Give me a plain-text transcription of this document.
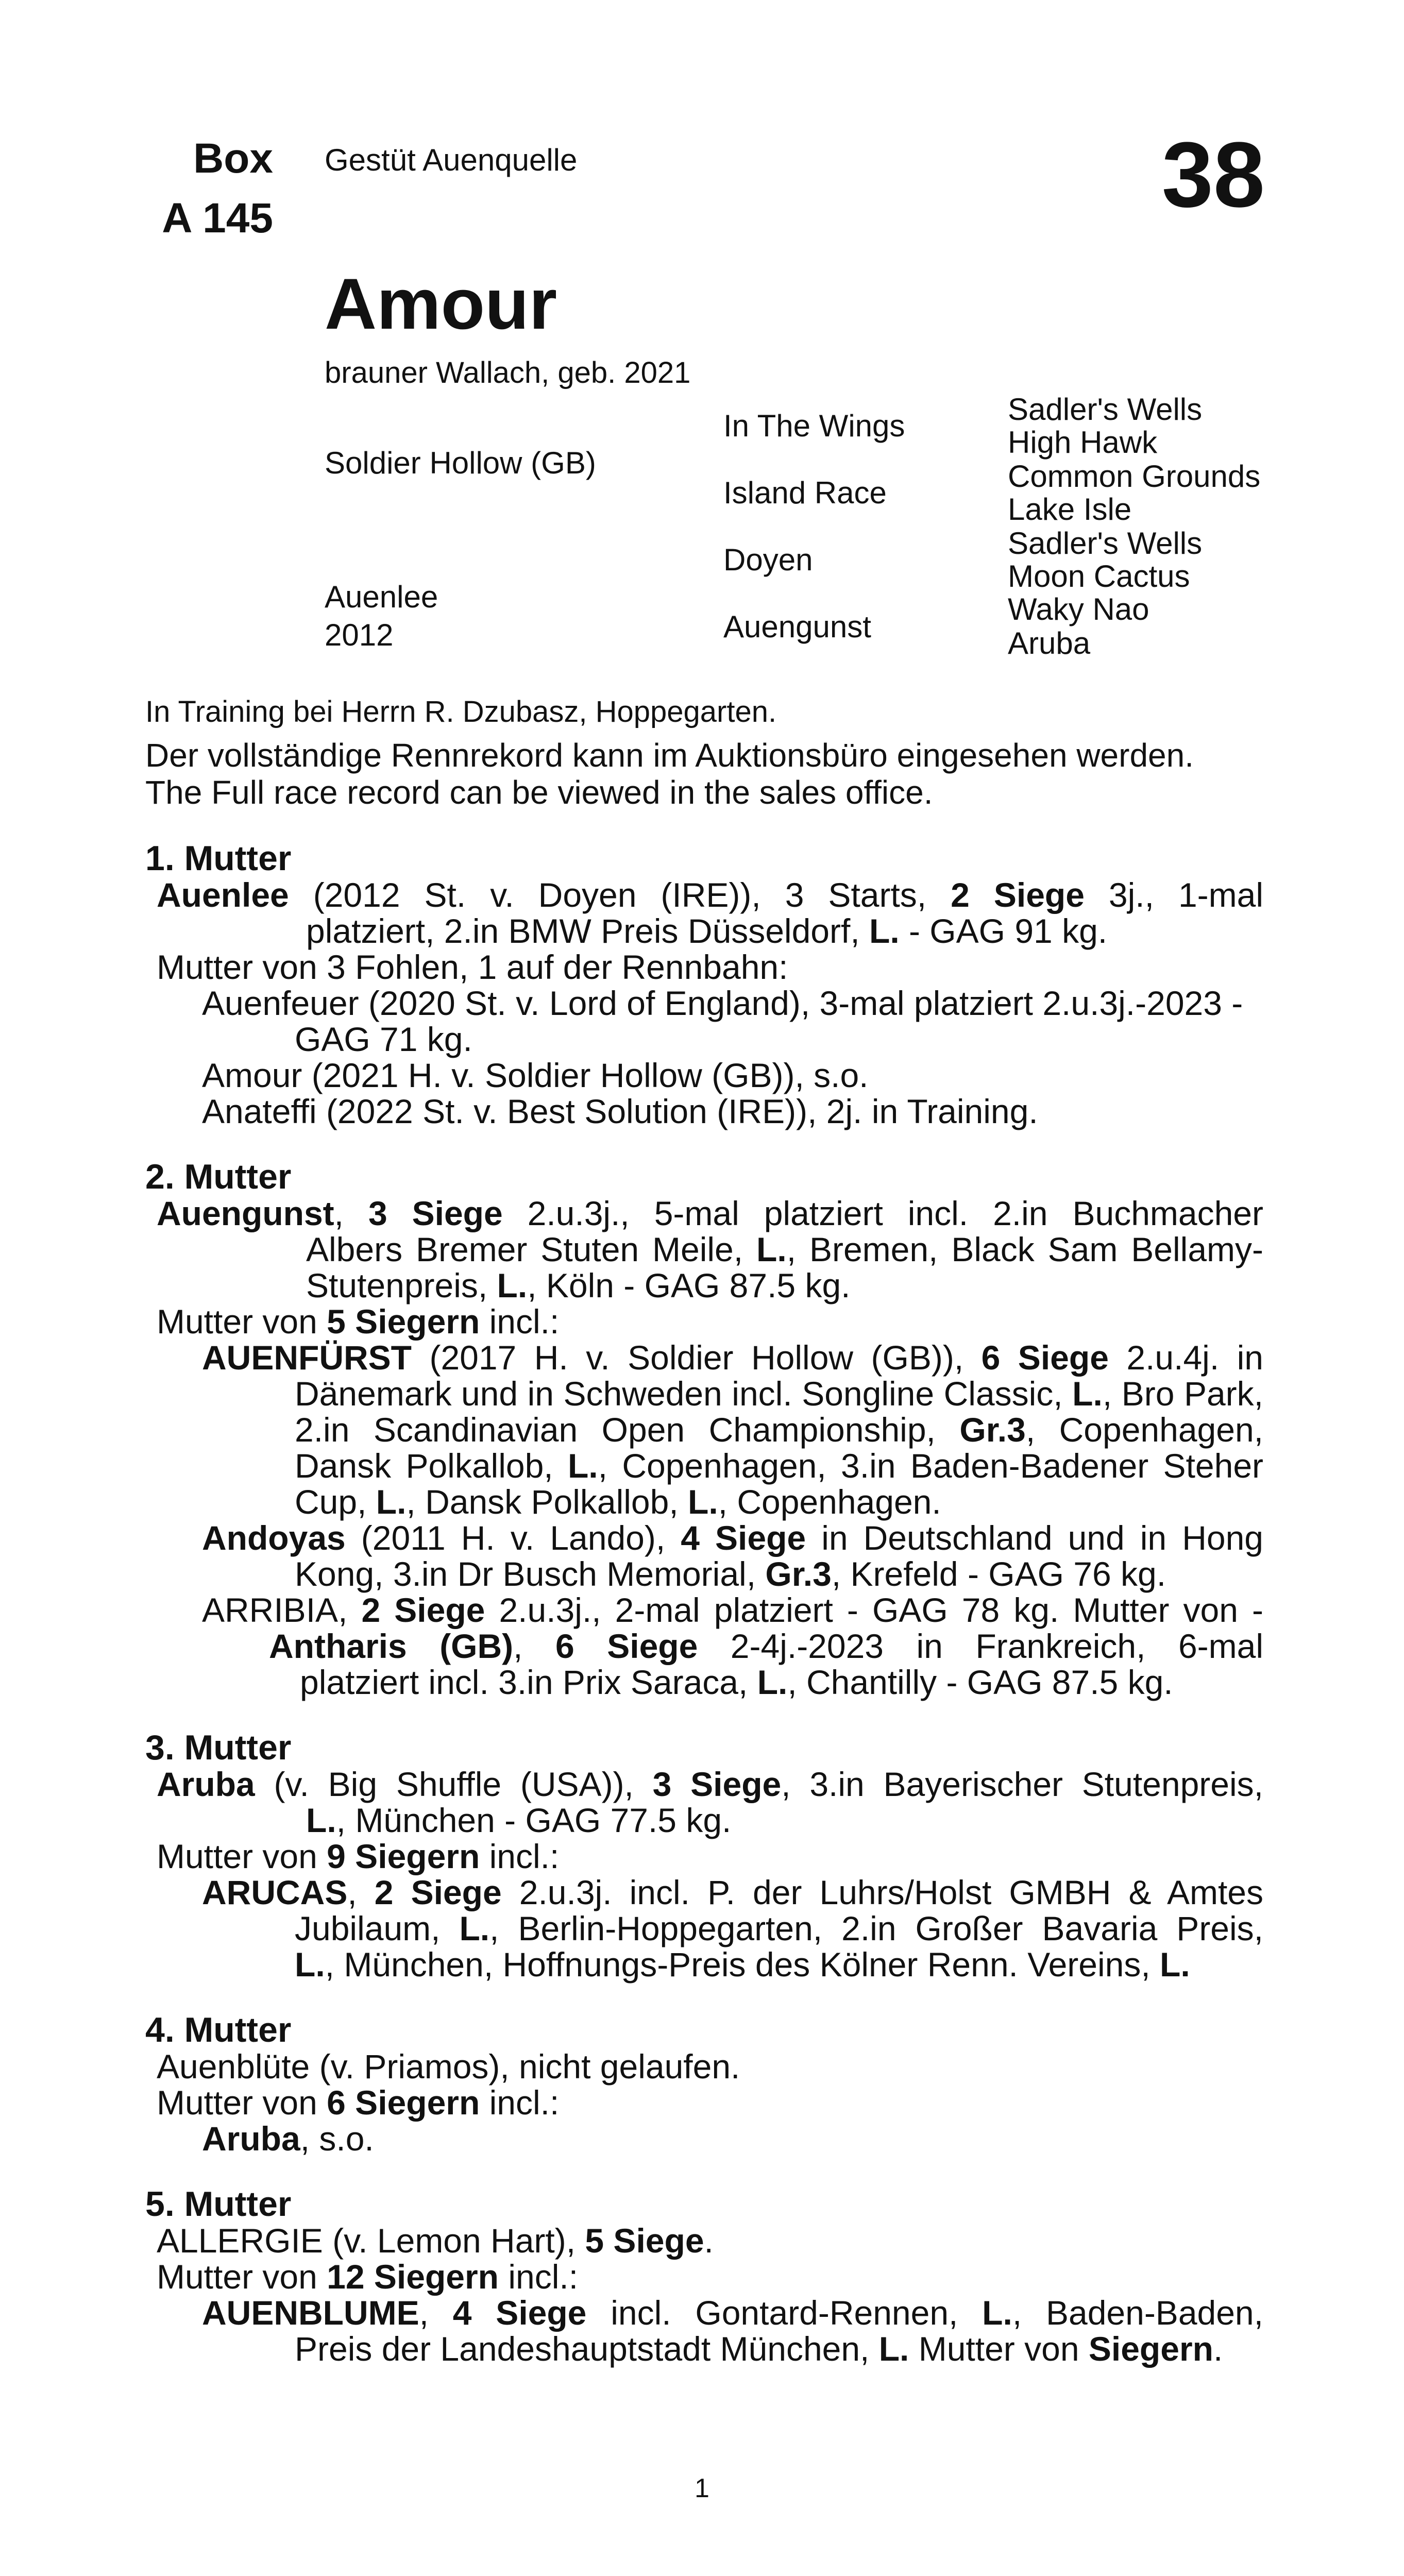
Box
A 145
Gestüt Auenquelle	38
Amour
brauner Wallach, geb. 2021
Soldier Hollow (GB)
Auenlee
2012
In The Wings
Island Race
Doyen
Auengunst
Sadler's Wells
High Hawk
Common Grounds
Lake Isle
Sadler's Wells
Moon Cactus
Waky Nao
Aruba
In Training bei Herrn R. Dzubasz, Hoppegarten.
Der vollständige Rennrekord kann im Auktionsbüro eingesehen werden.
The Full race record can be viewed in the sales office.
1. Mutter
Auenlee (2012 St. v. Doyen (IRE)), 3 Starts, 2 Siege 3j., 1-mal
platziert, 2.in BMW Preis Düsseldorf, L. - GAG 91 kg.
Mutter von 3 Fohlen, 1 auf der Rennbahn:
Auenfeuer (2020 St. v. Lord of England), 3-mal platziert 2.u.3j.-2023 -
GAG 71 kg.
Amour (2021 H. v. Soldier Hollow (GB)), s.o.
Anateffi (2022 St. v. Best Solution (IRE)), 2j. in Training.
2. Mutter
Auengunst, 3 Siege 2.u.3j., 5-mal platziert incl. 2.in Buchmacher
Albers Bremer Stuten Meile, L., Bremen, Black Sam Bellamy-
Stutenpreis, L., Köln - GAG 87.5 kg.
Mutter von 5 Siegern incl.:
AUENFÜRST (2017 H. v. Soldier Hollow (GB)), 6 Siege 2.u.4j. in
Dänemark und in Schweden incl. Songline Classic, L., Bro Park,
2.in Scandinavian Open Championship, Gr.3, Copenhagen,
Dansk Polkallob, L., Copenhagen, 3.in Baden-Badener Steher
Cup, L., Dansk Polkallob, L., Copenhagen.
Andoyas (2011 H. v. Lando), 4 Siege in Deutschland und in Hong
Kong, 3.in Dr Busch Memorial, Gr.3, Krefeld - GAG 76 kg.
ARRIBIA, 2 Siege 2.u.3j., 2-mal platziert - GAG 78 kg. Mutter von -
Antharis (GB), 6 Siege 2-4j.-2023 in Frankreich, 6-mal
platziert incl. 3.in Prix Saraca, L., Chantilly - GAG 87.5 kg.
3. Mutter
Aruba (v. Big Shuffle (USA)), 3 Siege, 3.in Bayerischer Stutenpreis,
L., München - GAG 77.5 kg.
Mutter von 9 Siegern incl.:
ARUCAS, 2 Siege 2.u.3j. incl. P. der Luhrs/Holst GMBH & Amtes
Jubilaum, L., Berlin-Hoppegarten, 2.in Großer Bavaria Preis,
L., München, Hoffnungs-Preis des Kölner Renn. Vereins, L.
4. Mutter
Auenblüte (v. Priamos), nicht gelaufen.
Mutter von 6 Siegern incl.:
Aruba, s.o.
5. Mutter
ALLERGIE (v. Lemon Hart), 5 Siege.
Mutter von 12 Siegern incl.:
AUENBLUME, 4 Siege incl. Gontard-Rennen, L., Baden-Baden,
Preis der Landeshauptstadt München, L. Mutter von Siegern.
1
